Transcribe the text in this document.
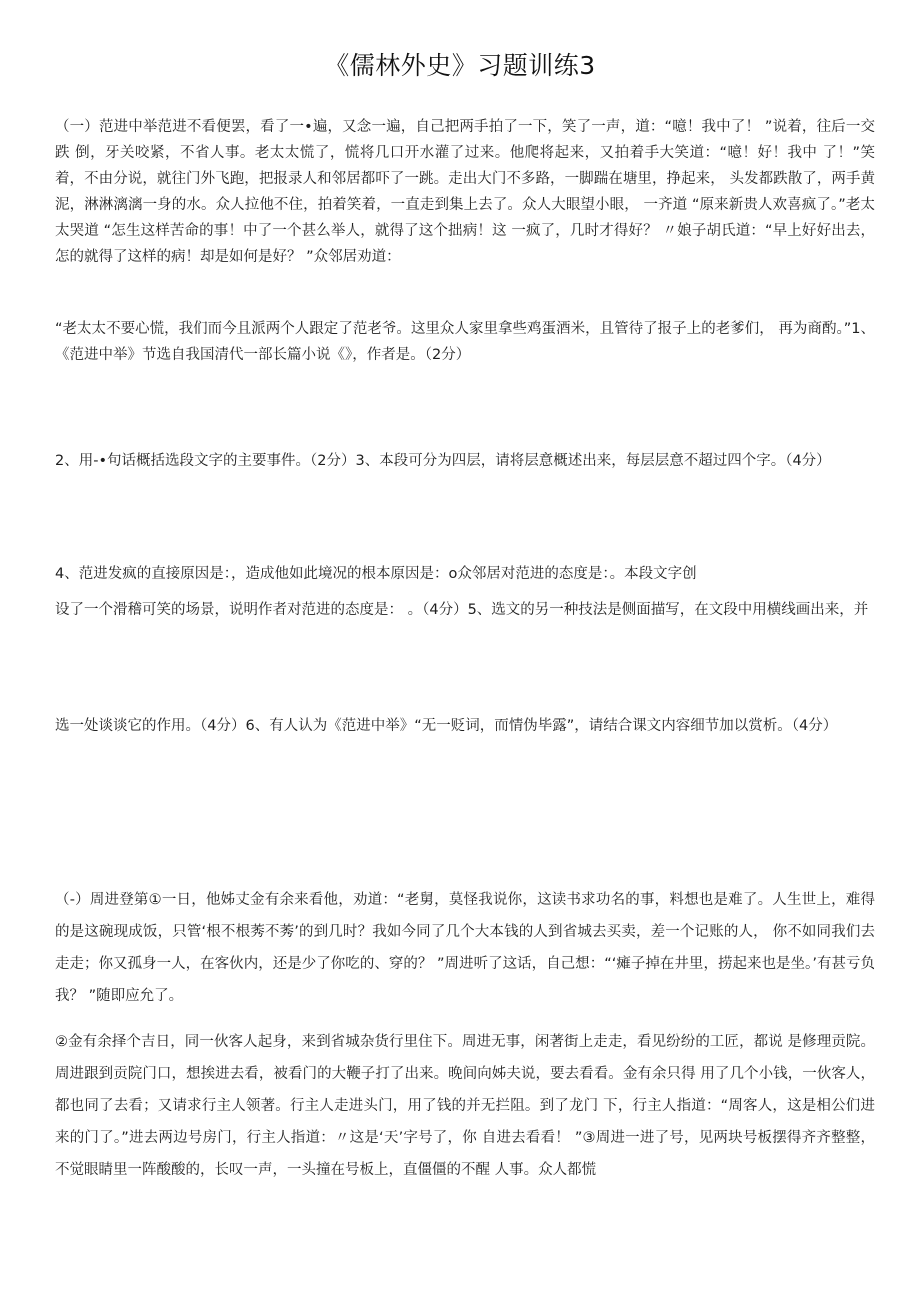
《儒林外史》习题训练3

（一）范进中举范进不看便罢，看了一•遍，又念一遍，自己把两手拍了一下，笑了一声，道：“噫！我中了！ ”说着，往后一交跌 倒，牙关咬紧，不省人事。老太太慌了，慌将几口开水灌了过来。他爬将起来，又拍着手大笑道：“噫！好！我中 了！”笑着，不由分说，就往门外飞跑，把报录人和邻居都吓了一跳。走出大门不多路，一脚踹在塘里，挣起来， 头发都跌散了，两手黄泥，淋淋漓漓一身的水。众人拉他不住，拍着笑着，一直走到集上去了。众人大眼望小眼， 一齐道 “原来新贵人欢喜疯了。”老太太哭道 “怎生这样苦命的事！中了一个甚么举人，就得了这个拙病！这 一疯了，几时才得好？ 〃娘子胡氏道：“早上好好出去，怎的就得了这样的病！却是如何是好？ ”众邻居劝道：

“老太太不要心慌，我们而今且派两个人跟定了范老爷。这里众人家里拿些鸡蛋酒米，且管待了报子上的老爹们， 再为商酌。”1、《范进中举》节选自我国清代一部长篇小说《》，作者是。（2分）

2、用-•句话概括选段文字的主要事件。（2分）3、本段可分为四层，请将层意概述出来，每层层意不超过四个字。（4分）

4、范进发疯的直接原因是：，造成他如此境况的根本原因是：o众邻居对范进的态度是：。本段文字创

设了一个滑稽可笑的场景，说明作者对范进的态度是： 。（4分）5、选文的另一种技法是侧面描写，在文段中用横线画出来，并

选一处谈谈它的作用。（4分）6、有人认为《范进中举》“无一贬词，而情伪毕露”，请结合课文内容细节加以赏析。（4分）

（-）周进登第①一日，他姊丈金有余来看他，劝道：“老舅，莫怪我说你，这读书求功名的事，料想也是难了。人生世上，难得 的是这碗现成饭，只管‘根不根莠不莠’的到几时？我如今同了几个大本钱的人到省城去买卖，差一个记账的人， 你不如同我们去走走；你又孤身一人，在客伙内，还是少了你吃的、穿的？ ”周进听了这话，自己想：“‘瘫子掉在井里，捞起来也是坐。’有甚亏负我？ ”随即应允了。

②金有余择个吉日，同一伙客人起身，来到省城杂货行里住下。周进无事，闲著街上走走，看见纷纷的工匠，都说 是修理贡院。周进跟到贡院门口，想挨进去看，被看门的大鞭子打了出来。晚间向姊夫说，要去看看。金有余只得 用了几个小钱，一伙客人，都也同了去看；又请求行主人领著。行主人走进头门，用了钱的并无拦阻。到了龙门 下，行主人指道：“周客人，这是相公们进来的门了。”进去两边号房门，行主人指道：〃这是‘天’字号了，你 自进去看看！ ”③周进一进了号，见两块号板摆得齐齐整整，不觉眼睛里一阵酸酸的，长叹一声，一头撞在号板上，直僵僵的不醒 人事。众人都慌
